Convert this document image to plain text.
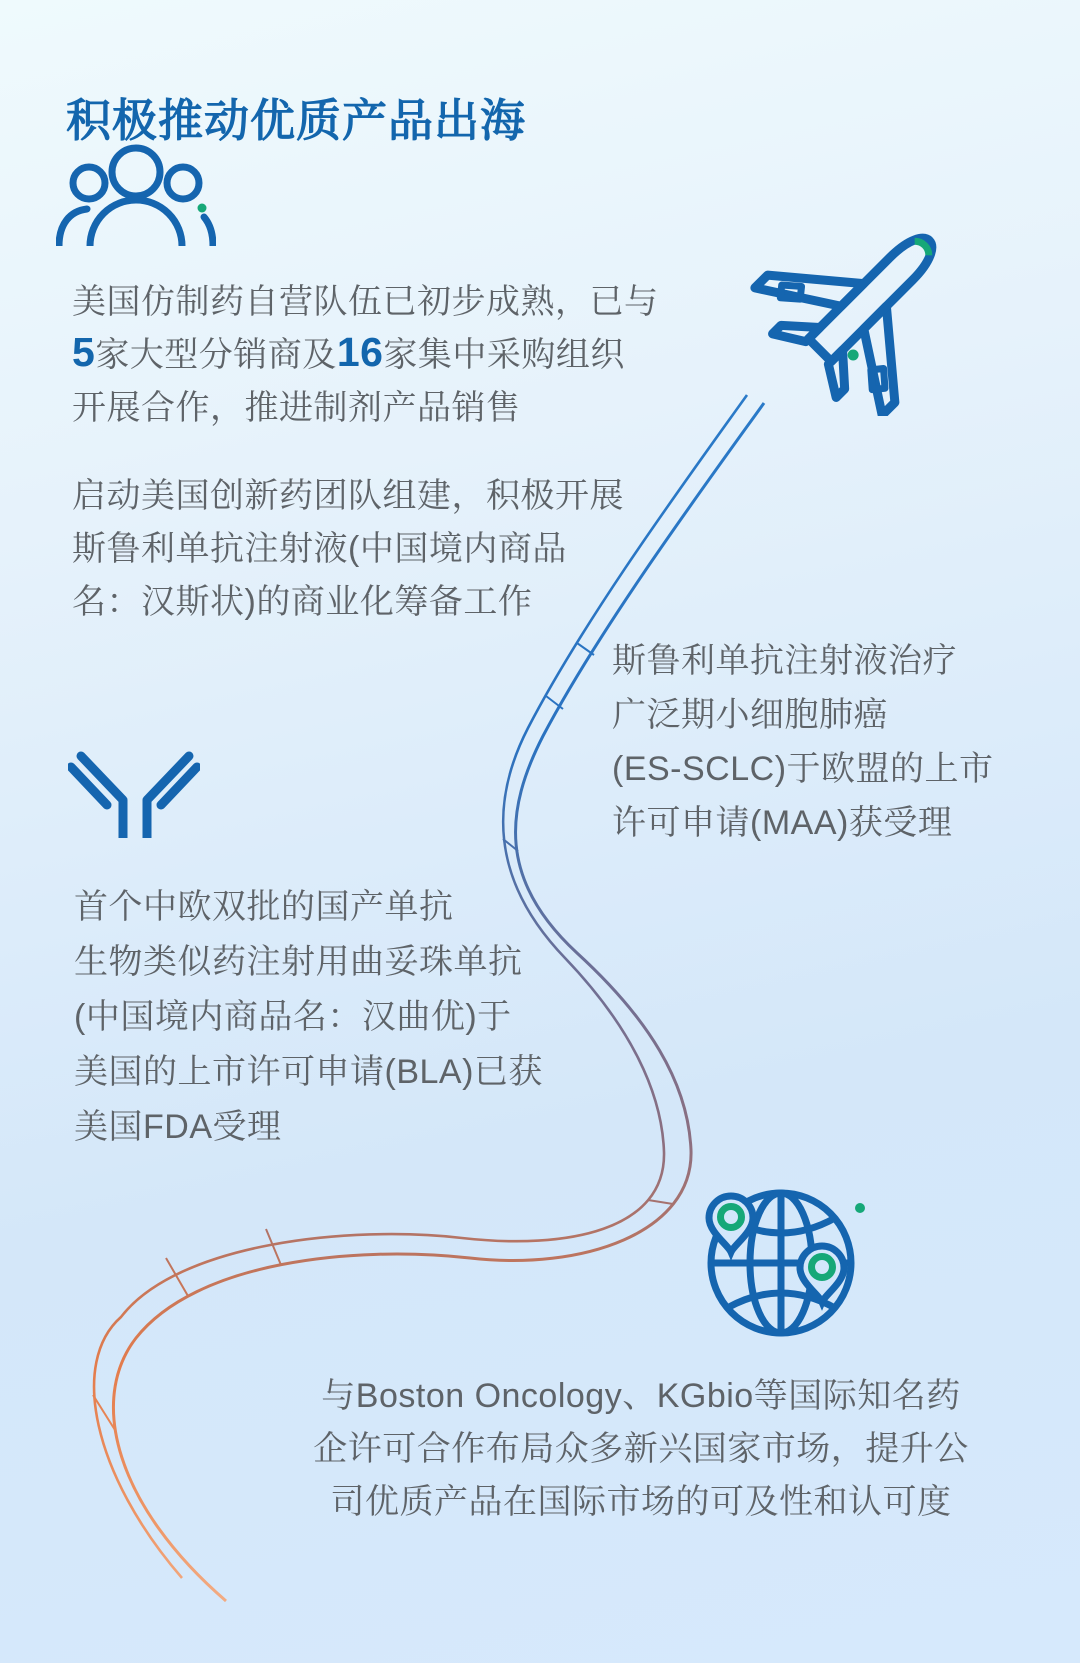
积极推动优质产品出海

美国仿制药自营队伍已初步成熟，已与
5家大型分销商及16家集中采购组织
开展合作，推进制剂产品销售

启动美国创新药团队组建，积极开展
斯鲁利单抗注射液(中国境内商品
名：汉斯状)的商业化筹备工作

斯鲁利单抗注射液治疗
广泛期小细胞肺癌
(ES-SCLC)于欧盟的上市
许可申请(MAA)获受理

首个中欧双批的国产单抗
生物类似药注射用曲妥珠单抗
(中国境内商品名：汉曲优)于
美国的上市许可申请(BLA)已获
美国FDA受理

与Boston Oncology、KGbio等国际知名药
企许可合作布局众多新兴国家市场，提升公
司优质产品在国际市场的可及性和认可度
